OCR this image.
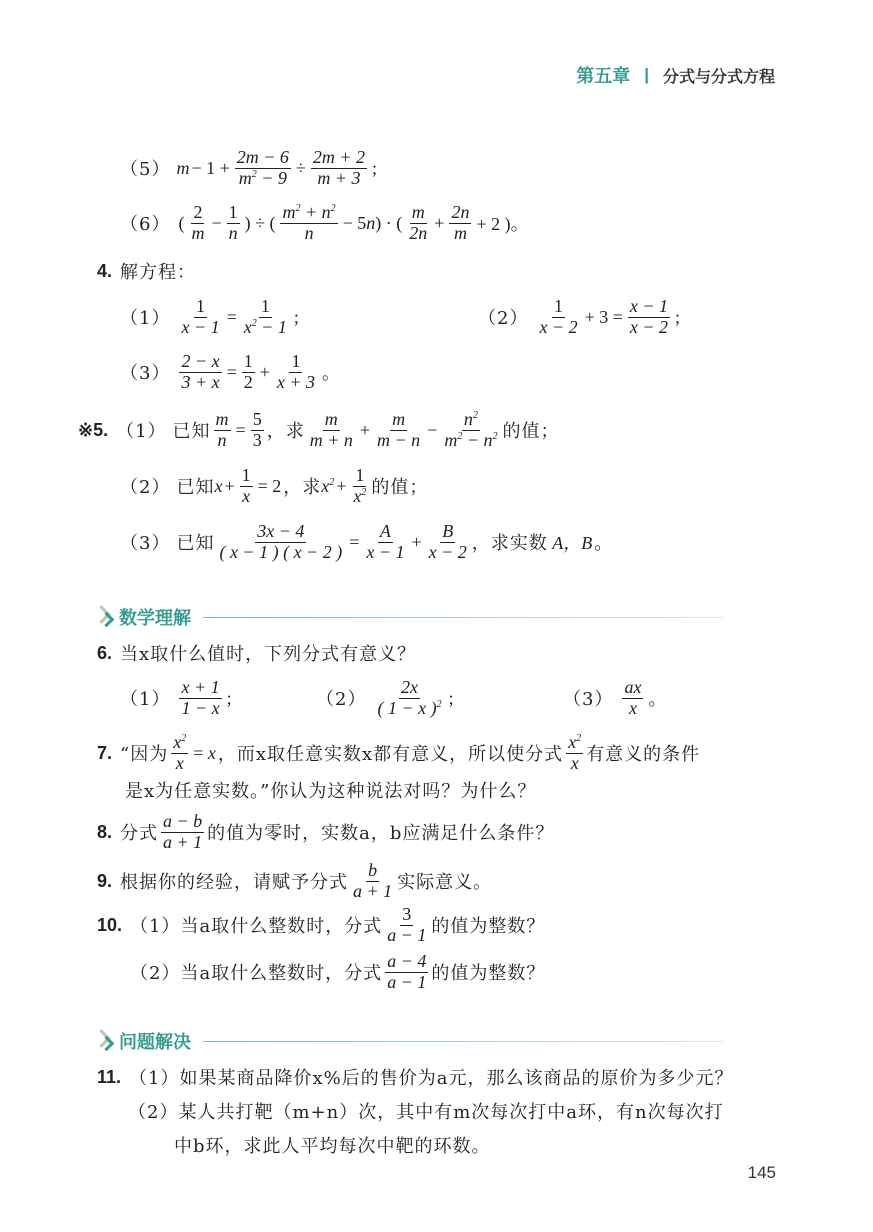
第五章 | 分式与分式方程
（5） $m - 1 + \frac{2m - 6}{m^2 - 9} \div \frac{2m + 2}{m + 3}$ ;
（6） ( $\frac{2}{m} - \frac{1}{n}$ ) ÷ ( $\frac{m^2 + n^2}{n} - 5n$) · ( $\frac{m}{2n} + \frac{2n}{m} + 2$ )。
4. 解方程：
$(1) \frac{1}{x - 1} = \frac{1}{x^2 - 1}$ ;	$(2) \frac{1}{x - 2} + 3 = \frac{x - 1}{x - 2}$ ;
$(3) \frac{2 - x}{3 + x} = \frac{1}{2} + \frac{1}{x + 3}$ 。
※5. （1） 已知 $\frac{m}{n} = \frac{5}{3}$ ，求 $\frac{m}{m + n} + \frac{m}{m - n} - \frac{n^2}{m^2 - n^2}$ 的值；
（2） 已知 $x + \frac{1}{x} = 2$ ，求 $x^2 + \frac{1}{x^2}$ 的值；
（3） 已知 $\frac{3x - 4}{( x - 1 ) ( x - 2 )} = \frac{A}{x - 1} + \frac{B}{x - 2}$ ，求实数 A，B 。
数学理解
6. 当x取什么值时，下列分式有意义？
$(1) \frac{x + 1}{1 - x}$ ;	$(2) \frac{2x}{( 1 - x )^2}$ ;	$(3) \frac{ax}{x}$ 。
7. “因为 $\frac{x^2}{x} = x$ ，而x取任意实数x都有意义，所以使分式 $\frac{x^2}{x}$ 有意义的条件
是x为任意实数。”你认为这种说法对吗？为什么？
8. 分式 $\frac{a - b}{a + 1}$ 的值为零时，实数a，b应满足什么条件？
9. 根据你的经验，请赋予分式 $\frac{b}{a + 1}$ 实际意义。
10. （1）当a取什么整数时，分式 $\frac{3}{a - 1}$ 的值为整数？
（2）当a取什么整数时，分式 $\frac{a - 4}{a - 1}$ 的值为整数？
问题解决
11. （1）如果某商品降价x%后的售价为a元，那么该商品的原价为多少元？
（2）某人共打靶（m+n）次，其中有m次每次打中a环，有n次每次打
中b环，求此人平均每次中靶的环数。
145
